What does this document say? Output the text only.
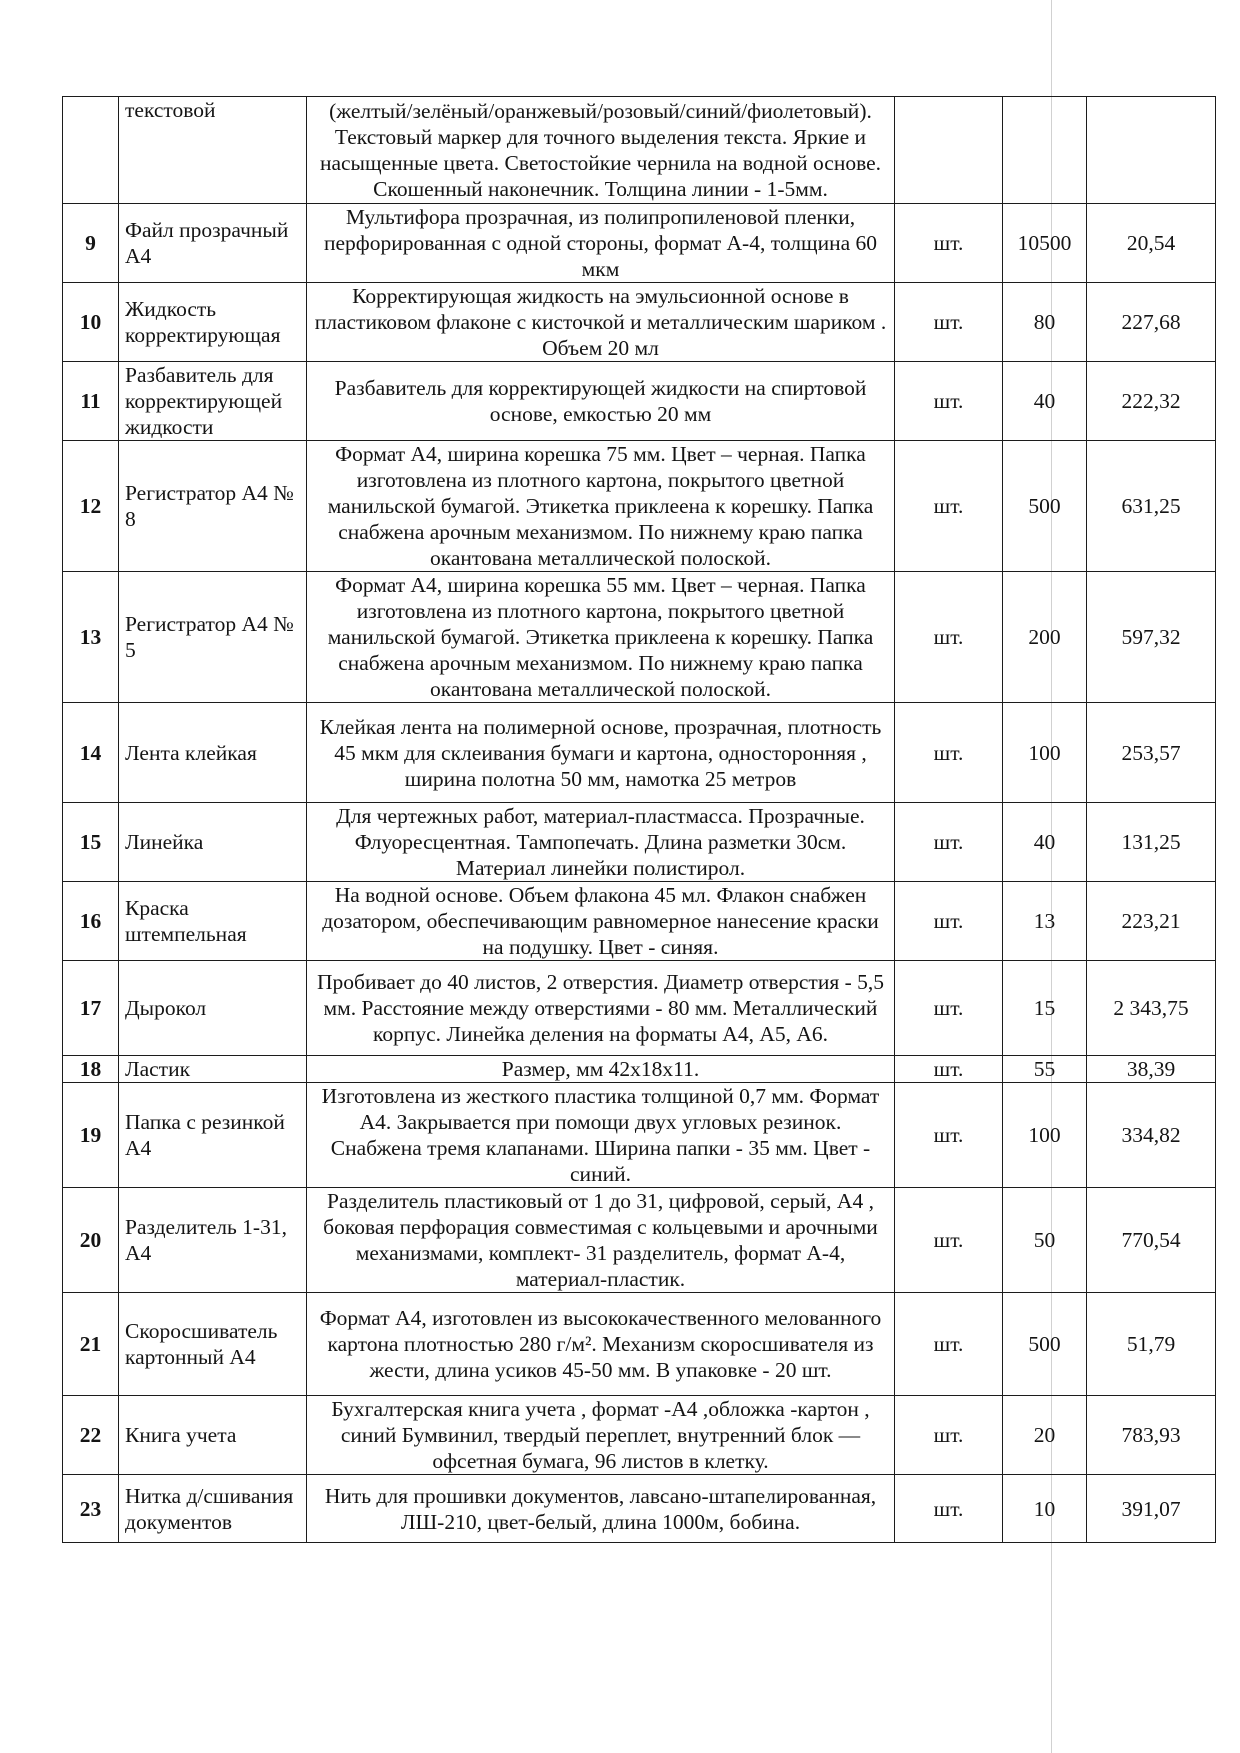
	текстовой	(желтый/зелёный/оранжевый/розовый/синий/фиолетовый). Текстовый маркер для точного выделения текста. Яркие и насыщенные цвета. Светостойкие чернила на водной основе. Скошенный наконечник. Толщина линии - 1-5мм.			
9	Файл прозрачный А4	Мультифора прозрачная, из полипропиленовой пленки, перфорированная с одной стороны, формат А-4, толщина 60 мкм	шт.	10500	20,54
10	Жидкость корректирующая	Корректирующая жидкость на эмульсионной основе в пластиковом флаконе с кисточкой и металлическим шариком . Объем 20 мл	шт.	80	227,68
11	Разбавитель для корректирующей жидкости	Разбавитель для корректирующей жидкости на спиртовой основе, емкостью 20 мм	шт.	40	222,32
12	Регистратор А4 № 8	Формат А4, ширина корешка 75 мм. Цвет – черная. Папка изготовлена из плотного картона, покрытого цветной манильской бумагой. Этикетка приклеена к корешку. Папка снабжена арочным механизмом. По нижнему краю папка окантована металлической полоской.	шт.	500	631,25
13	Регистратор А4 № 5	Формат А4, ширина корешка 55 мм. Цвет – черная. Папка изготовлена из плотного картона, покрытого цветной манильской бумагой. Этикетка приклеена к корешку. Папка снабжена арочным механизмом. По нижнему краю папка окантована металлической полоской.	шт.	200	597,32
14	Лента клейкая	Клейкая лента на полимерной основе, прозрачная, плотность 45 мкм для склеивания бумаги и картона, односторонняя , ширина полотна 50 мм, намотка 25 метров	шт.	100	253,57
15	Линейка	Для чертежных работ, материал-пластмасса. Прозрачные. Флуоресцентная. Тампопечать. Длина разметки 30см. Материал линейки полистирол.	шт.	40	131,25
16	Краска штемпельная	На водной основе. Объем флакона 45 мл. Флакон снабжен дозатором, обеспечивающим равномерное нанесение краски на подушку. Цвет - синяя.	шт.	13	223,21
17	Дырокол	Пробивает до 40 листов, 2 отверстия. Диаметр отверстия - 5,5 мм. Расстояние между отверстиями - 80 мм. Металлический корпус. Линейка деления на форматы А4, А5, А6.	шт.	15	2 343,75
18	Ластик	Размер, мм 42х18х11.	шт.	55	38,39
19	Папка с резинкой А4	Изготовлена из жесткого пластика толщиной 0,7 мм. Формат А4. Закрывается при помощи двух угловых резинок. Снабжена тремя клапанами. Ширина папки - 35 мм. Цвет - синий.	шт.	100	334,82
20	Разделитель 1-31, А4	Разделитель пластиковый от 1 до 31, цифровой, серый, А4 , боковая перфорация совместимая с кольцевыми и арочными механизмами, комплект- 31 разделитель, формат А-4, материал-пластик.	шт.	50	770,54
21	Скоросшиватель картонный А4	Формат А4, изготовлен из высококачественного мелованного картона плотностью 280 г/м². Механизм скоросшивателя из жести, длина усиков 45-50 мм. В упаковке - 20 шт.	шт.	500	51,79
22	Книга учета	Бухгалтерская книга учета , формат -А4 ,обложка -картон , синий Бумвинил, твердый переплет, внутренний блок — офсетная бумага, 96 листов в клетку.	шт.	20	783,93
23	Нитка д/сшивания документов	Нить для прошивки документов, лавсано-штапелированная, ЛШ-210, цвет-белый, длина 1000м, бобина.	шт.	10	391,07
